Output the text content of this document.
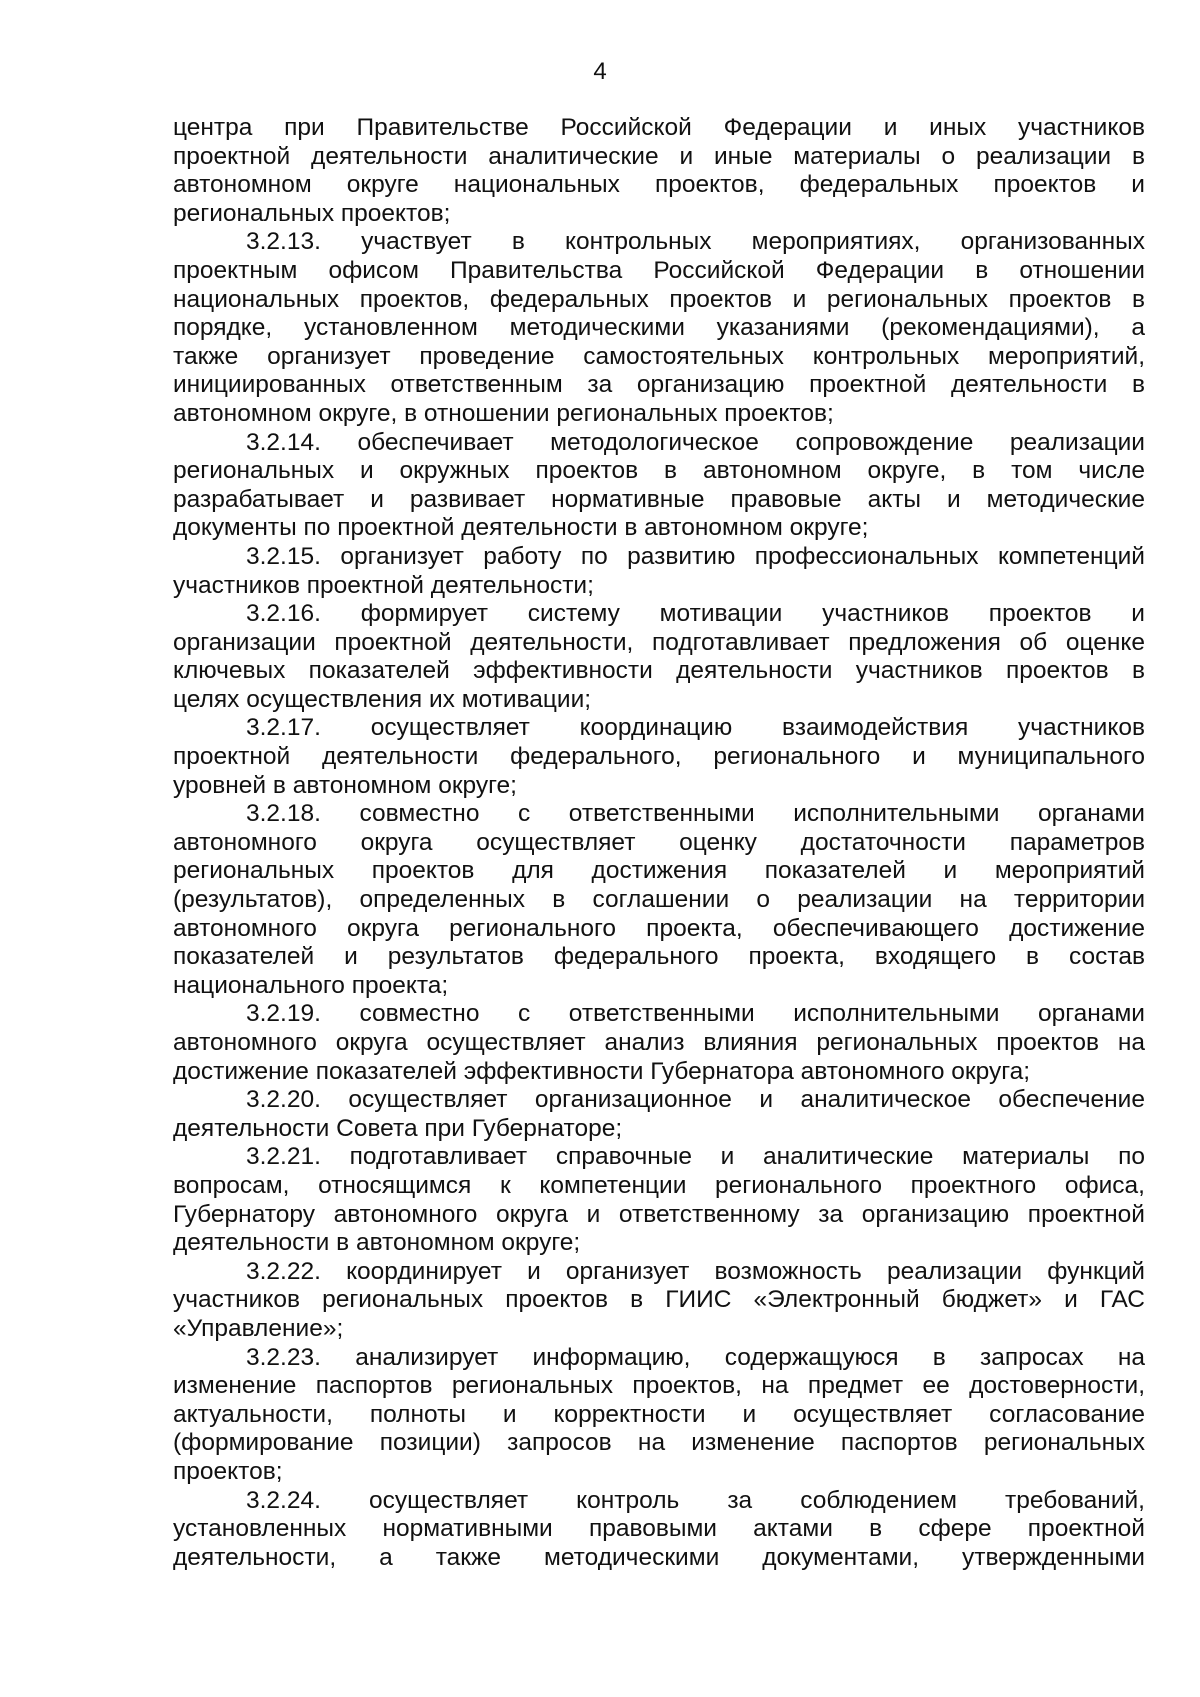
4
центра при Правительстве Российской Федерации и иных участников
проектной деятельности аналитические и иные материалы о реализации в
автономном округе национальных проектов, федеральных проектов и
региональных проектов;
3.2.13. участвует в контрольных мероприятиях, организованных
проектным офисом Правительства Российской Федерации в отношении
национальных проектов, федеральных проектов и региональных проектов в
порядке, установленном методическими указаниями (рекомендациями), а
также организует проведение самостоятельных контрольных мероприятий,
инициированных ответственным за организацию проектной деятельности в
автономном округе, в отношении региональных проектов;
3.2.14. обеспечивает методологическое сопровождение реализации
региональных и окружных проектов в автономном округе, в том числе
разрабатывает и развивает нормативные правовые акты и методические
документы по проектной деятельности в автономном округе;
3.2.15. организует работу по развитию профессиональных компетенций
участников проектной деятельности;
3.2.16. формирует систему мотивации участников проектов и
организации проектной деятельности, подготавливает предложения об оценке
ключевых показателей эффективности деятельности участников проектов в
целях осуществления их мотивации;
3.2.17. осуществляет координацию взаимодействия участников
проектной деятельности федерального, регионального и муниципального
уровней в автономном округе;
3.2.18. совместно с ответственными исполнительными органами
автономного округа осуществляет оценку достаточности параметров
региональных проектов для достижения показателей и мероприятий
(результатов), определенных в соглашении о реализации на территории
автономного округа регионального проекта, обеспечивающего достижение
показателей и результатов федерального проекта, входящего в состав
национального проекта;
3.2.19. совместно с ответственными исполнительными органами
автономного округа осуществляет анализ влияния региональных проектов на
достижение показателей эффективности Губернатора автономного округа;
3.2.20. осуществляет организационное и аналитическое обеспечение
деятельности Совета при Губернаторе;
3.2.21. подготавливает справочные и аналитические материалы по
вопросам, относящимся к компетенции регионального проектного офиса,
Губернатору автономного округа и ответственному за организацию проектной
деятельности в автономном округе;
3.2.22. координирует и организует возможность реализации функций
участников региональных проектов в ГИИС «Электронный бюджет» и ГАС
«Управление»;
3.2.23. анализирует информацию, содержащуюся в запросах на
изменение паспортов региональных проектов, на предмет ее достоверности,
актуальности, полноты и корректности и осуществляет согласование
(формирование позиции) запросов на изменение паспортов региональных
проектов;
3.2.24. осуществляет контроль за соблюдением требований,
установленных нормативными правовыми актами в сфере проектной
деятельности, а также методическими документами, утвержденными
